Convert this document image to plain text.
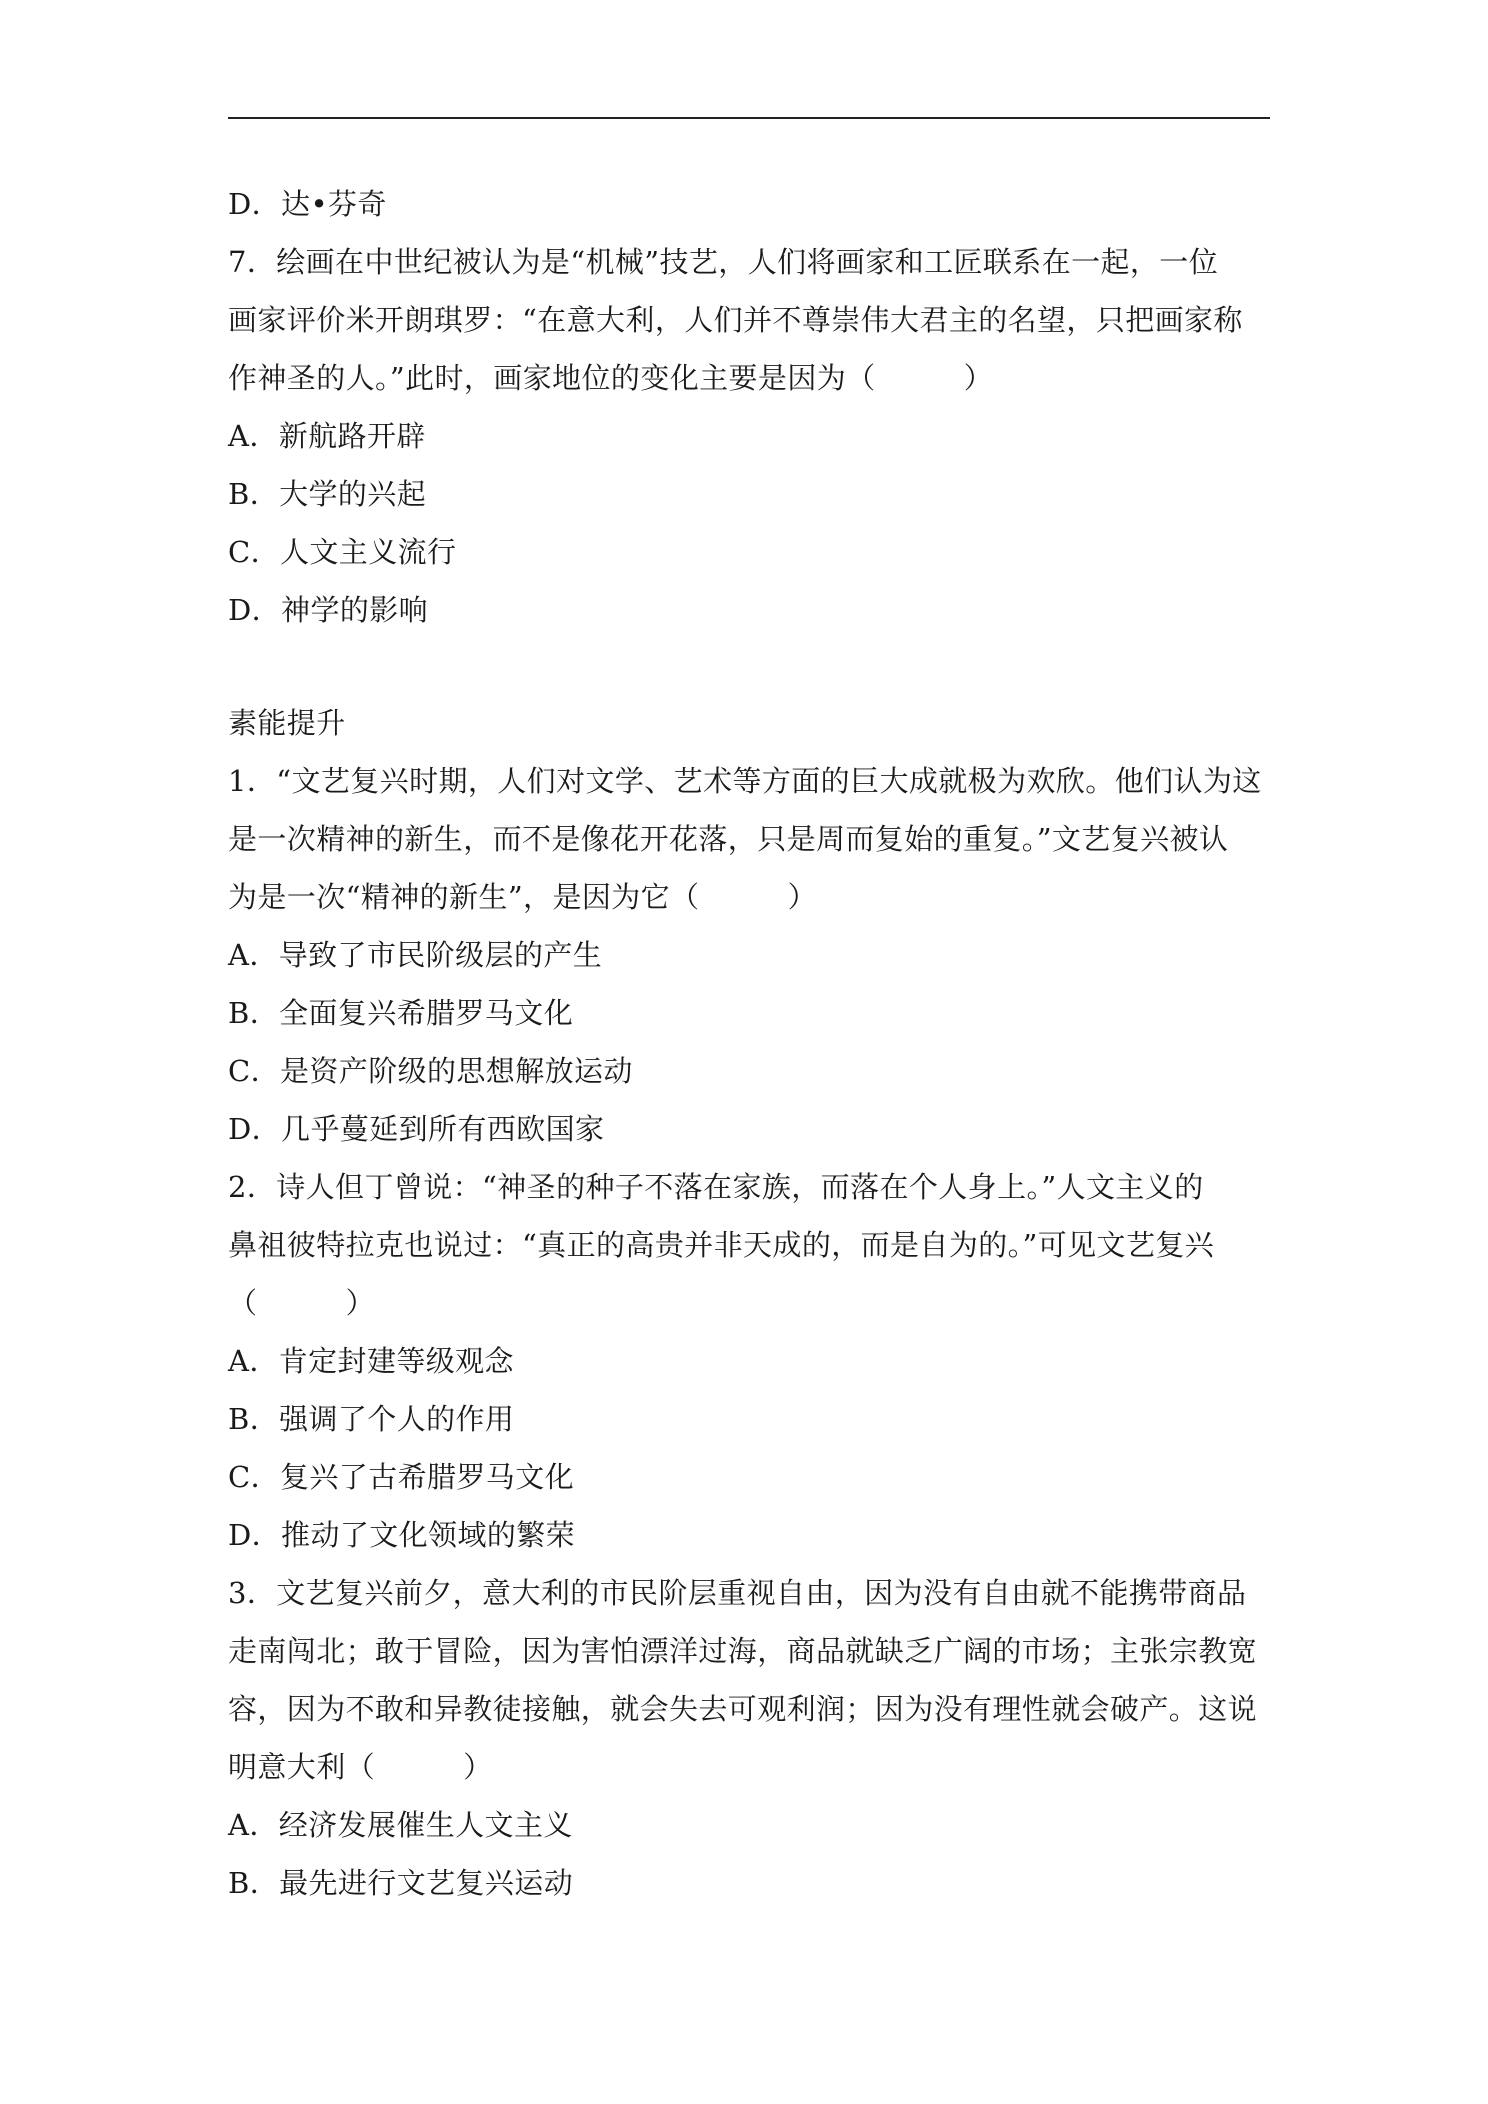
D．达•芬奇
7．绘画在中世纪被认为是“机械”技艺，人们将画家和工匠联系在一起，一位
画家评价米开朗琪罗：“在意大利，人们并不尊崇伟大君主的名望，只把画家称
作神圣的人。”此时，画家地位的变化主要是因为（　　　）
A．新航路开辟
B．大学的兴起
C．人文主义流行
D．神学的影响
素能提升
1．“文艺复兴时期，人们对文学、艺术等方面的巨大成就极为欢欣。他们认为这
是一次精神的新生，而不是像花开花落，只是周而复始的重复。”文艺复兴被认
为是一次“精神的新生”，是因为它（　　　）
A．导致了市民阶级层的产生
B．全面复兴希腊罗马文化
C．是资产阶级的思想解放运动
D．几乎蔓延到所有西欧国家
2．诗人但丁曾说：“神圣的种子不落在家族，而落在个人身上。”人文主义的
鼻祖彼特拉克也说过：“真正的高贵并非天成的，而是自为的。”可见文艺复兴
（　　　）
A．肯定封建等级观念
B．强调了个人的作用
C．复兴了古希腊罗马文化
D．推动了文化领域的繁荣
3．文艺复兴前夕，意大利的市民阶层重视自由，因为没有自由就不能携带商品
走南闯北；敢于冒险，因为害怕漂洋过海，商品就缺乏广阔的市场；主张宗教宽
容，因为不敢和异教徒接触，就会失去可观利润；因为没有理性就会破产。这说
明意大利（　　　）
A．经济发展催生人文主义
B．最先进行文艺复兴运动
